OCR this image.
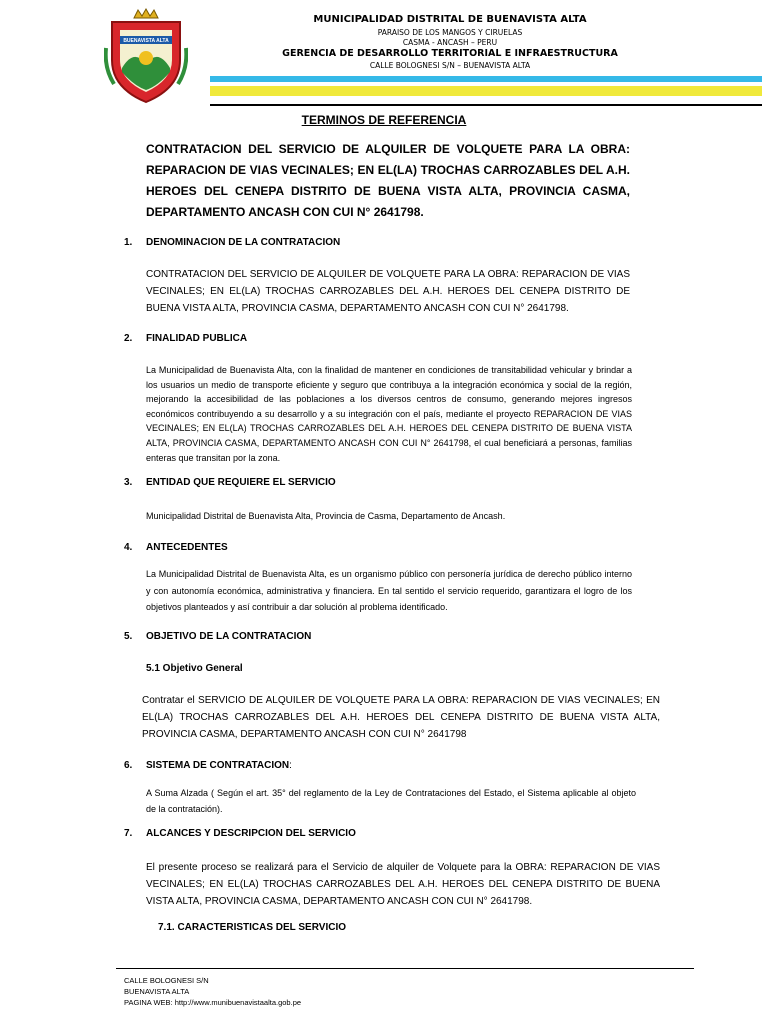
BUENAVISTA ALTA
MUNICIPALIDAD DISTRITAL DE BUENAVISTA ALTA
PARAISO DE LOS MANGOS Y CIRUELAS
CASMA - ANCASH – PERU
GERENCIA DE DESARROLLO TERRITORIAL E INFRAESTRUCTURA
CALLE BOLOGNESI S/N – BUENAVISTA ALTA
TERMINOS DE REFERENCIA
CONTRATACION DEL SERVICIO DE ALQUILER DE VOLQUETE PARA LA OBRA: REPARACION DE VIAS VECINALES; EN EL(LA) TROCHAS CARROZABLES DEL A.H. HEROES DEL CENEPA DISTRITO DE BUENA VISTA ALTA, PROVINCIA CASMA, DEPARTAMENTO ANCASH CON CUI N° 2641798.
1. DENOMINACION DE LA CONTRATACION
CONTRATACION DEL SERVICIO DE ALQUILER DE VOLQUETE PARA LA OBRA: REPARACION DE VIAS VECINALES; EN EL(LA) TROCHAS CARROZABLES DEL A.H. HEROES DEL CENEPA DISTRITO DE BUENA VISTA ALTA, PROVINCIA CASMA, DEPARTAMENTO ANCASH CON CUI N° 2641798.
2. FINALIDAD PUBLICA
La Municipalidad de Buenavista Alta, con la finalidad de mantener en condiciones de transitabilidad vehicular y brindar a los usuarios un medio de transporte eficiente y seguro que contribuya a la integración económica y social de la región, mejorando la accesibilidad de las poblaciones a los diversos centros de consumo, generando mejores ingresos económicos contribuyendo a su desarrollo y a su integración con el país, mediante el proyecto REPARACION DE VIAS VECINALES; EN EL(LA) TROCHAS CARROZABLES DEL A.H. HEROES DEL CENEPA DISTRITO DE BUENA VISTA ALTA, PROVINCIA CASMA, DEPARTAMENTO ANCASH CON CUI N° 2641798, el cual beneficiará a personas, familias enteras que transitan por la zona.
3. ENTIDAD QUE REQUIERE EL SERVICIO
Municipalidad Distrital de Buenavista Alta, Provincia de Casma, Departamento de Ancash.
4. ANTECEDENTES
La Municipalidad Distrital de Buenavista Alta, es un organismo público con personería jurídica de derecho público interno y con autonomía económica, administrativa y financiera. En tal sentido el servicio requerido, garantizara el logro de los objetivos planteados y así contribuir a dar solución al problema identificado.
5. OBJETIVO DE LA CONTRATACION
5.1 Objetivo General
Contratar el SERVICIO DE ALQUILER DE VOLQUETE PARA LA OBRA: REPARACION DE VIAS VECINALES; EN EL(LA) TROCHAS CARROZABLES DEL A.H. HEROES DEL CENEPA DISTRITO DE BUENA VISTA ALTA, PROVINCIA CASMA, DEPARTAMENTO ANCASH CON CUI N° 2641798
6. SISTEMA DE CONTRATACION:
A Suma Alzada ( Según el art. 35° del reglamento de la Ley de Contrataciones del Estado, el Sistema aplicable al objeto de la contratación).
7. ALCANCES Y DESCRIPCION DEL SERVICIO
El presente proceso se realizará para el Servicio de alquiler de Volquete para la OBRA: REPARACION DE VIAS VECINALES; EN EL(LA) TROCHAS CARROZABLES DEL A.H. HEROES DEL CENEPA DISTRITO DE BUENA VISTA ALTA, PROVINCIA CASMA, DEPARTAMENTO ANCASH CON CUI N° 2641798.
7.1. CARACTERISTICAS DEL SERVICIO
CALLE BOLOGNESI S/N
BUENAVISTA ALTA
PAGINA WEB: http://www.munibuenavistaalta.gob.pe
